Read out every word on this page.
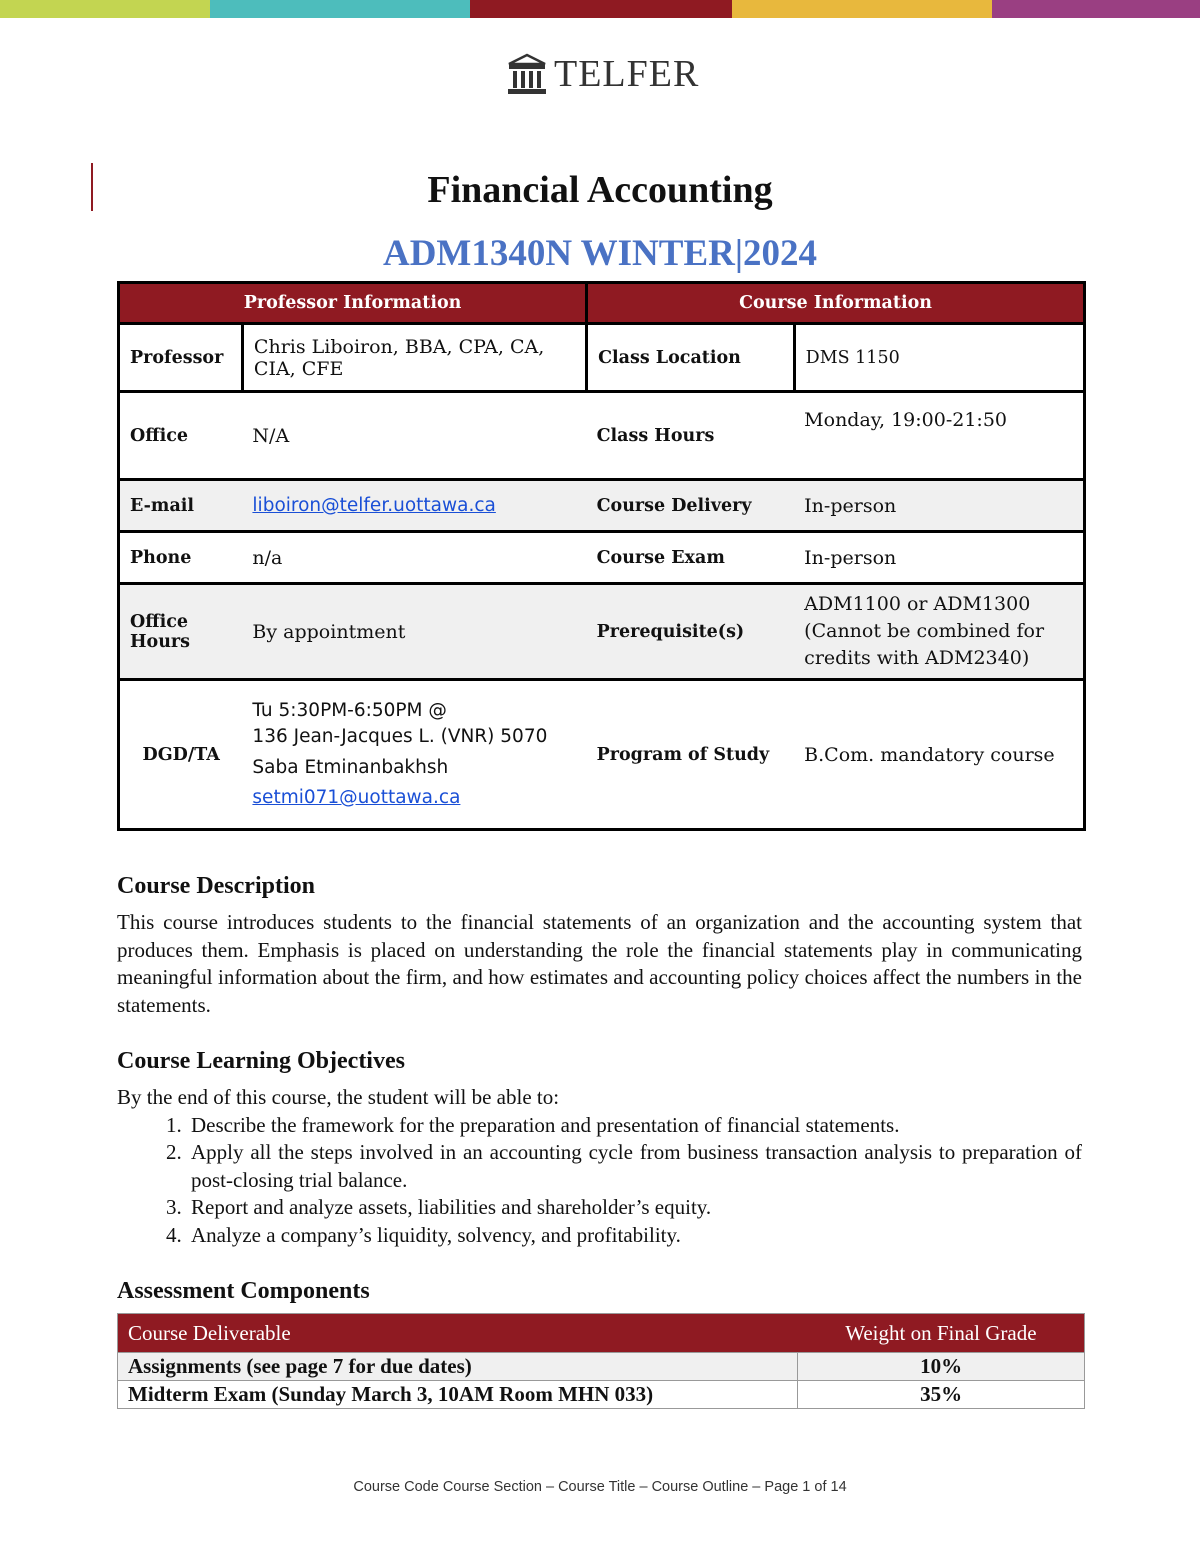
TELFER
Financial Accounting
ADM1340N WINTER|2024
Professor Information		Course Information	
Professor	Chris Liboiron, BBA, CPA, CA, CIA, CFE	Class Location	DMS 1150
Office	N/A	Class Hours	Monday, 19:00-21:50
E-mail	liboiron@telfer.uottawa.ca	Course Delivery	In-person
Phone	n/a	Course Exam	In-person
Office Hours	By appointment	Prerequisite(s)	ADM1100 or ADM1300 (Cannot be combined for credits with ADM2340)
DGD/TA	Tu 5:30PM-6:50PM @
136 Jean-Jacques L. (VNR) 5070
Saba Etminanbakhsh
setmi071@uottawa.ca	Program of Study	B.Com. mandatory course
Course Description
This course introduces students to the financial statements of an organization and the accounting system that produces them. Emphasis is placed on understanding the role the financial statements play in communicating meaningful information about the firm, and how estimates and accounting policy choices affect the numbers in the statements.
Course Learning Objectives
By the end of this course, the student will be able to:
1. Describe the framework for the preparation and presentation of financial statements.
2. Apply all the steps involved in an accounting cycle from business transaction analysis to preparation of post-closing trial balance.
3. Report and analyze assets, liabilities and shareholder’s equity.
4. Analyze a company’s liquidity, solvency, and profitability.
Assessment Components
Course Deliverable	Weight on Final Grade
Assignments (see page 7 for due dates)	10%
Midterm Exam (Sunday March 3, 10AM Room MHN 033)	35%
Course Code Course Section – Course Title – Course Outline – Page 1 of 14
